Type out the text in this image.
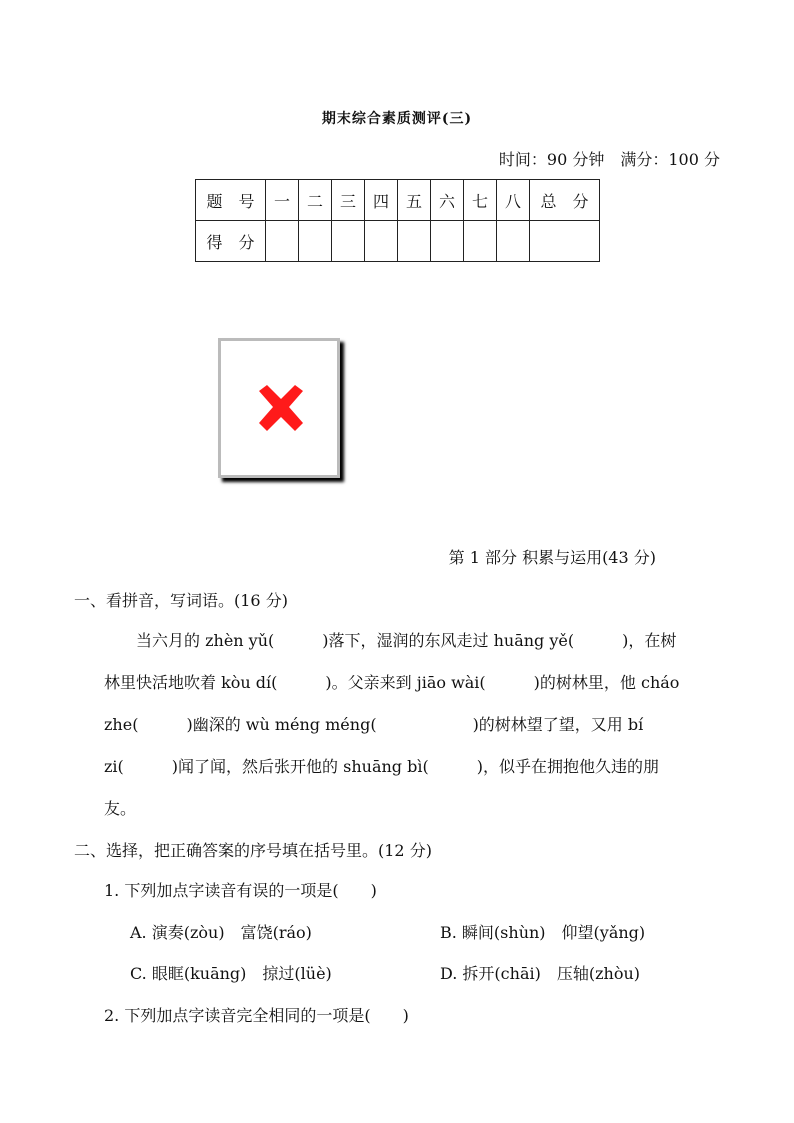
期末综合素质测评(三)
时间：90 分钟　满分：100 分
题　号	一	二	三	四	五	六	七	八	总　分
得　分									
第 1 部分 积累与运用(43 分)
一、看拼音，写词语。(16 分)
　　当六月的 zhèn yǔ(　　　)落下，湿润的东风走过 huāng yě(　　　)，在树
林里快活地吹着 kòu dí(　　　)。父亲来到 jiāo wài(　　　)的树林里，他 cháo
zhe(　　　)幽深的 wù méng méng(　　　　　　)的树林望了望，又用 bí
zi(　　　)闻了闻，然后张开他的 shuāng bì(　　　)，似乎在拥抱他久违的朋
友。
二、选择，把正确答案的序号填在括号里。(12 分)
1. 下列加点字读音有误的一项是(　　)
A. 演奏(zòu)　富饶(ráo)	B. 瞬间(shùn)　仰望(yǎng)
C. 眼眶(kuāng)　掠过(lüè)	D. 拆开(chāi)　压轴(zhòu)
2. 下列加点字读音完全相同的一项是(　　)
